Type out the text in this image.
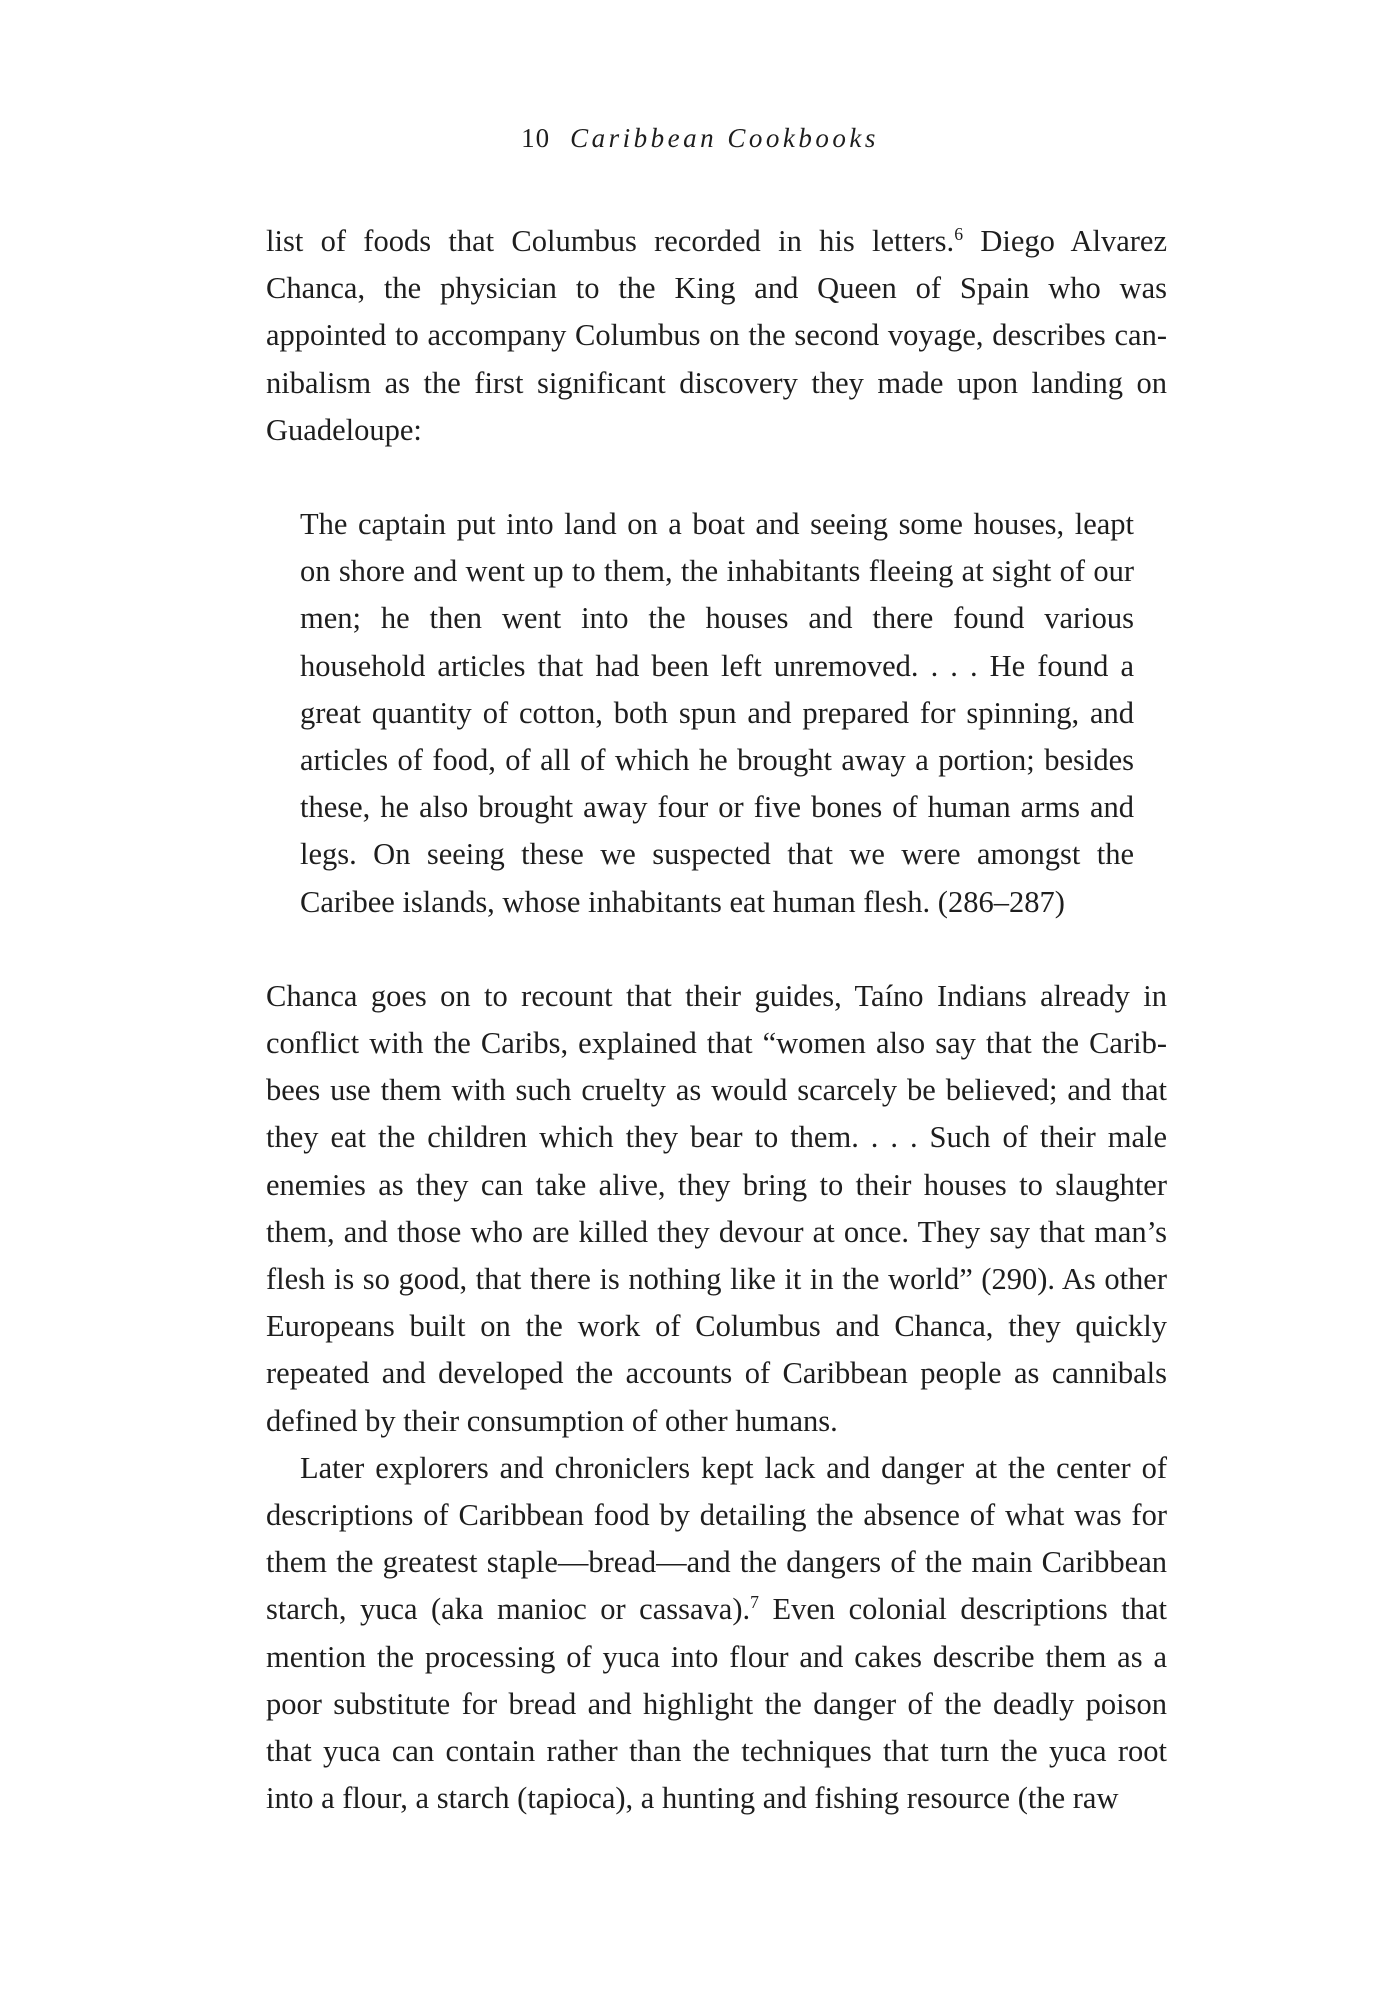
10 Caribbean Cookbooks

list of foods that Columbus recorded in his letters.$^6$ Diego Alvarez Chanca, the physician to the King and Queen of Spain who was appointed to accompany Columbus on the second voyage, describes cannibalism as the first significant discovery they made upon landing on Guadeloupe:

The captain put into land on a boat and seeing some houses, leapt on shore and went up to them, the inhabitants fleeing at sight of our men; he then went into the houses and there found various household articles that had been left unremoved. . . . He found a great quantity of cotton, both spun and prepared for spinning, and articles of food, of all of which he brought away a portion; besides these, he also brought away four or five bones of human arms and legs. On seeing these we suspected that we were amongst the Caribee islands, whose inhabitants eat human flesh. (286–287)

Chanca goes on to recount that their guides, Taíno Indians already in conflict with the Caribs, explained that “women also say that the Caribbees use them with such cruelty as would scarcely be believed; and that they eat the children which they bear to them. . . . Such of their male enemies as they can take alive, they bring to their houses to slaughter them, and those who are killed they devour at once. They say that man’s flesh is so good, that there is nothing like it in the world” (290). As other Europeans built on the work of Columbus and Chanca, they quickly repeated and developed the accounts of Caribbean people as cannibals defined by their consumption of other humans.

Later explorers and chroniclers kept lack and danger at the center of descriptions of Caribbean food by detailing the absence of what was for them the greatest staple—bread—and the dangers of the main Caribbean starch, yuca (aka manioc or cassava).$^7$ Even colonial descriptions that mention the processing of yuca into flour and cakes describe them as a poor substitute for bread and highlight the danger of the deadly poison that yuca can contain rather than the techniques that turn the yuca root into a flour, a starch (tapioca), a hunting and fishing resource (the raw
